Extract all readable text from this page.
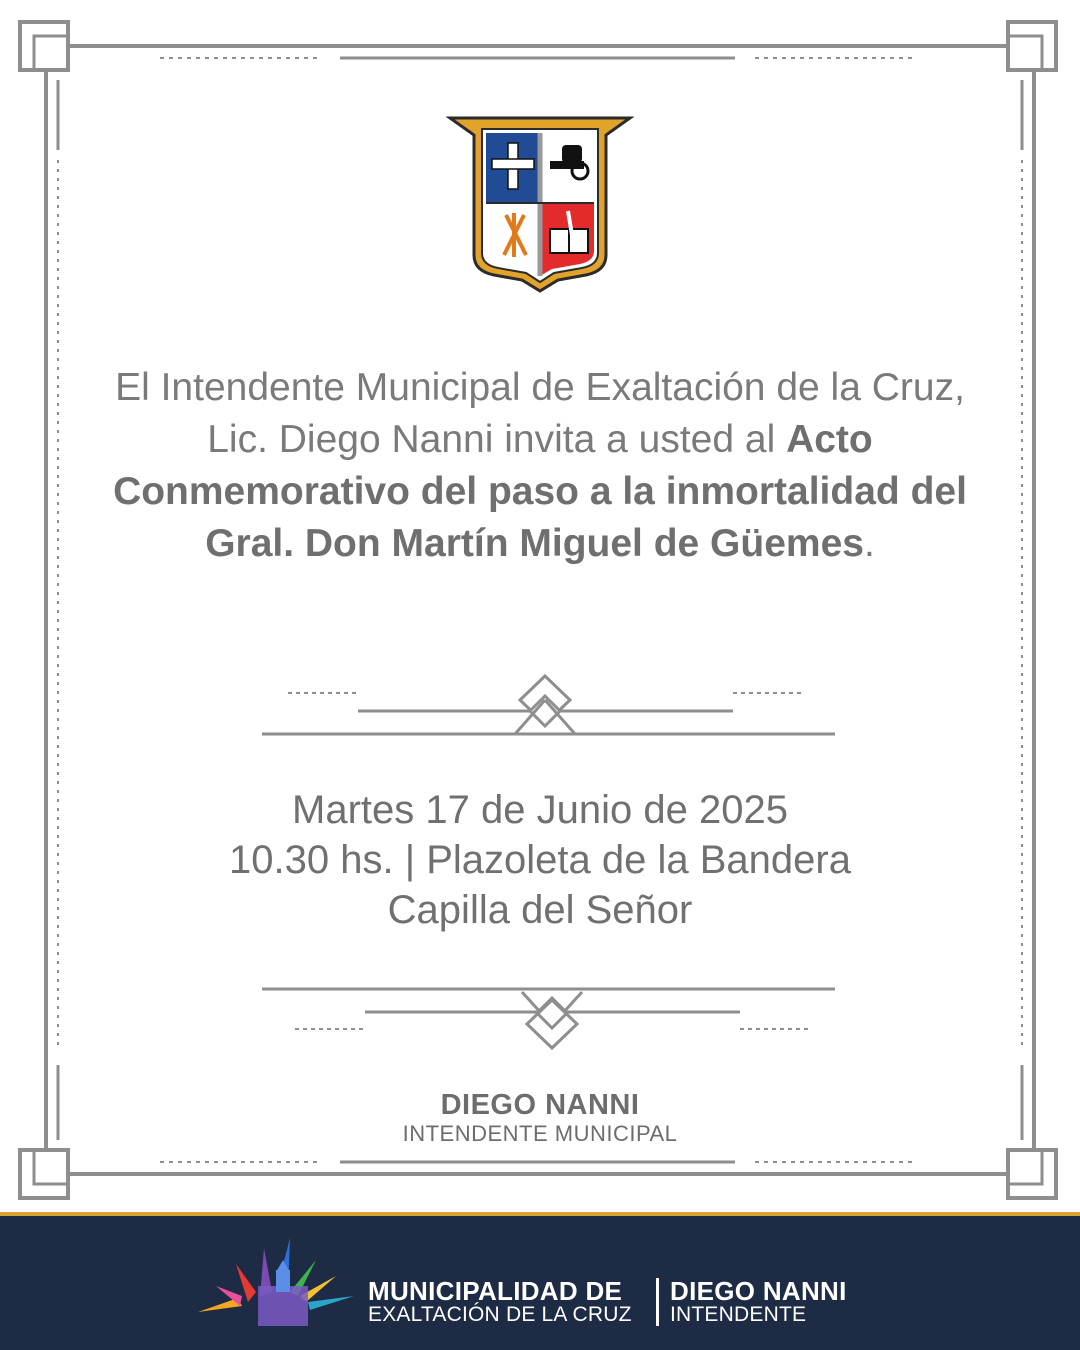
El Intendente Municipal de Exaltación de la Cruz, Lic. Diego Nanni invita a usted al Acto Conmemorativo del paso a la inmortalidad del Gral. Don Martín Miguel de Güemes.
Martes 17 de Junio de 2025
10.30 hs. | Plazoleta de la Bandera
Capilla del Señor
DIEGO NANNI
INTENDENTE MUNICIPAL
MUNICIPALIDAD DE
EXALTACIÓN DE LA CRUZ
DIEGO NANNI
INTENDENTE
